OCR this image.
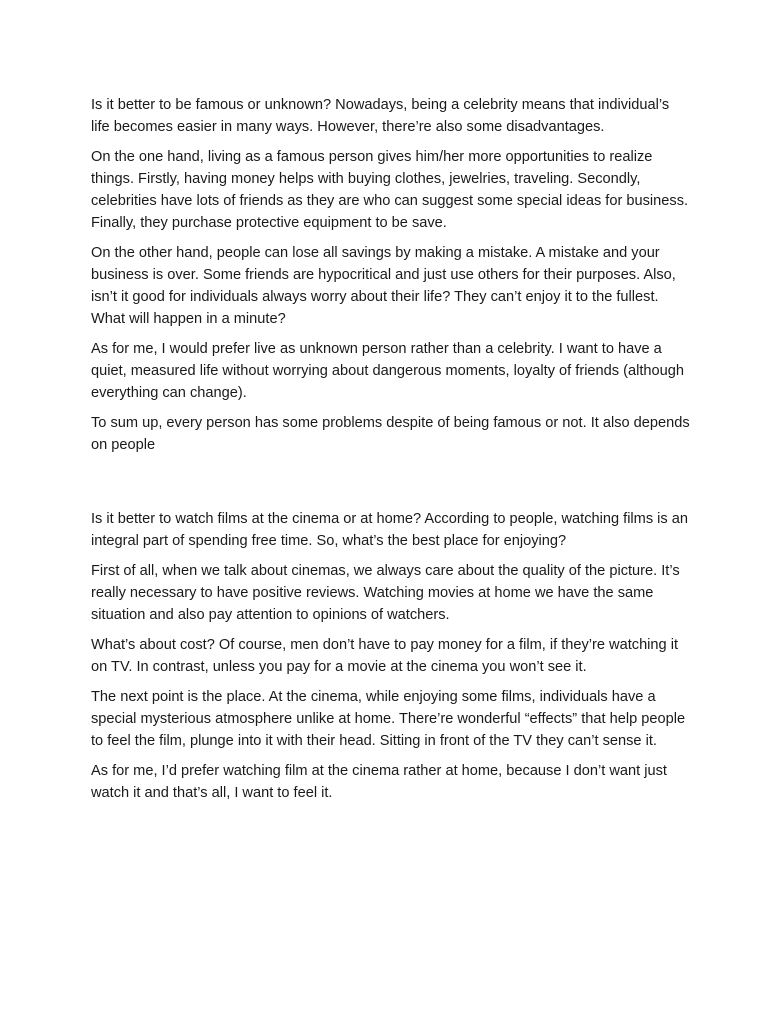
Is it better to be famous or unknown? Nowadays, being a celebrity means that individual’s life becomes easier in many ways. However, there’re also some disadvantages.

On the one hand, living as a famous person gives him/her more opportunities to realize things. Firstly, having money helps with buying clothes, jewelries, traveling. Secondly, celebrities have lots of friends as they are who can suggest some special ideas for business. Finally, they purchase protective equipment to be save.

On the other hand, people can lose all savings by making a mistake. A mistake and your business is over. Some friends are hypocritical and just use others for their purposes. Also, isn’t it good for individuals always worry about their life? They can’t enjoy it to the fullest. What will happen in a minute?

As for me, I would prefer live as unknown person rather than a celebrity. I want to have a quiet, measured life without worrying about dangerous moments, loyalty of friends (although everything can change).

To sum up, every person has some problems despite of being famous or not. It also depends on people

Is it better to watch films at the cinema or at home? According to people, watching films is an integral part of spending free time. So, what’s the best place for enjoying?

First of all, when we talk about cinemas, we always care about the quality of the picture. It’s really necessary to have positive reviews. Watching movies at home we have the same situation and also pay attention to opinions of watchers.

What’s about cost? Of course, men don’t have to pay money for a film, if they’re watching it on TV. In contrast, unless you pay for a movie at the cinema you won’t see it.

The next point is the place. At the cinema, while enjoying some films, individuals have a special mysterious atmosphere unlike at home. There’re wonderful “effects” that help people to feel the film, plunge into it with their head. Sitting in front of the TV they can’t sense it.

As for me, I’d prefer watching film at the cinema rather at home, because I don’t want just watch it and that’s all, I want to feel it.
